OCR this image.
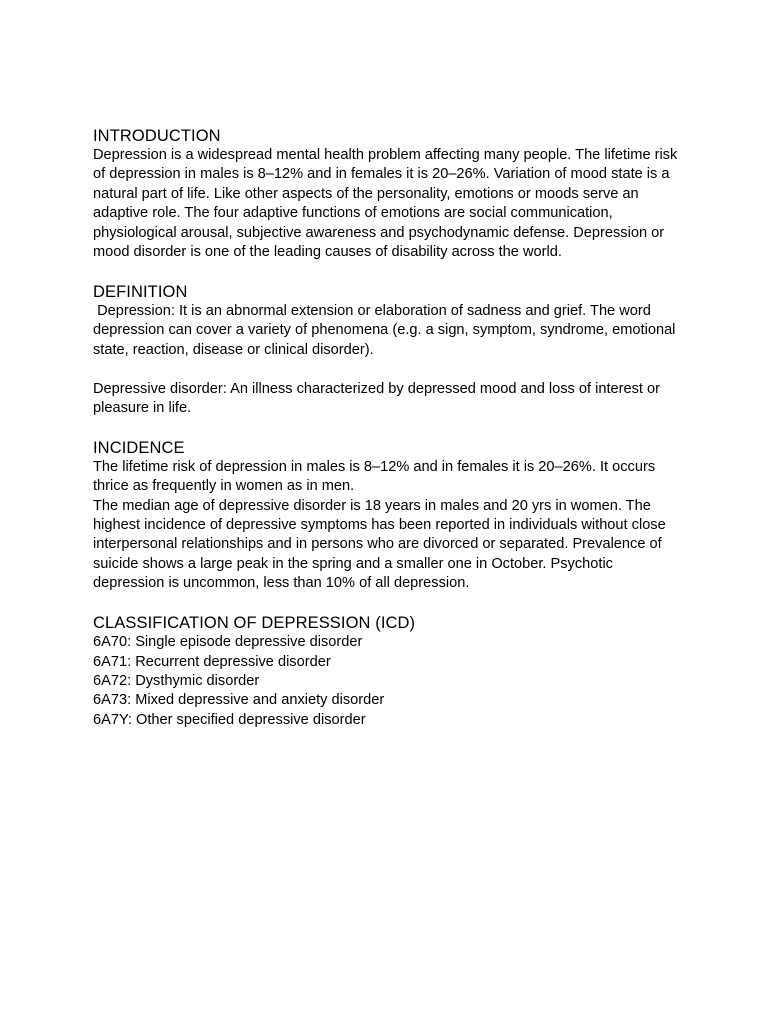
INTRODUCTION

Depression is a widespread mental health problem affecting many people. The lifetime risk of depression in males is 8–12% and in females it is 20–26%. Variation of mood state is a natural part of life. Like other aspects of the personality, emotions or moods serve an adaptive role. The four adaptive functions of emotions are social communication, physiological arousal, subjective awareness and psychodynamic defense. Depression or mood disorder is one of the leading causes of disability across the world.

DEFINITION

Depression: It is an abnormal extension or elaboration of sadness and grief. The word depression can cover a variety of phenomena (e.g. a sign, symptom, syndrome, emotional state, reaction, disease or clinical disorder).

Depressive disorder: An illness characterized by depressed mood and loss of interest or pleasure in life.

INCIDENCE

The lifetime risk of depression in males is 8–12% and in females it is 20–26%. It occurs thrice as frequently in women as in men.

The median age of depressive disorder is 18 years in males and 20 yrs in women. The highest incidence of depressive symptoms has been reported in individuals without close interpersonal relationships and in persons who are divorced or separated. Prevalence of suicide shows a large peak in the spring and a smaller one in October. Psychotic depression is uncommon, less than 10% of all depression.

CLASSIFICATION OF DEPRESSION (ICD)
6A70: Single episode depressive disorder
6A71: Recurrent depressive disorder
6A72: Dysthymic disorder
6A73: Mixed depressive and anxiety disorder
6A7Y: Other specified depressive disorder
